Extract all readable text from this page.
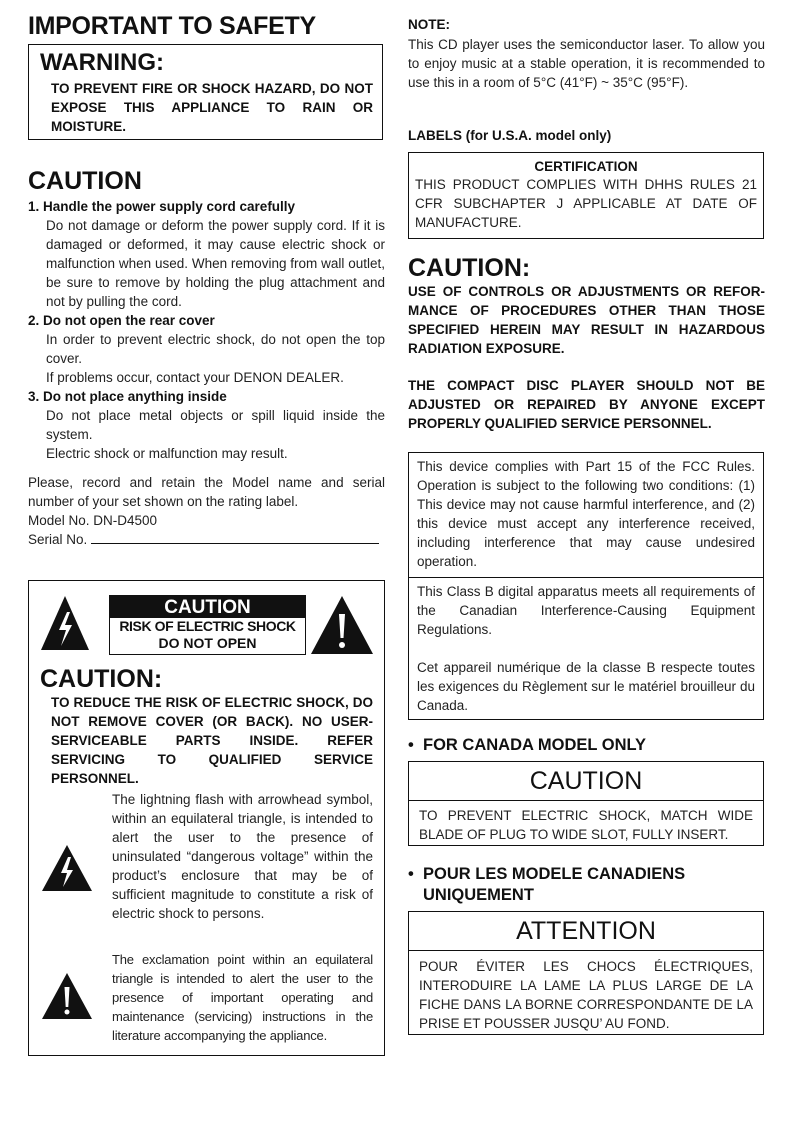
IMPORTANT TO SAFETY
WARNING:
TO PREVENT FIRE OR SHOCK HAZARD, DO NOT EXPOSE THIS APPLIANCE TO RAIN OR MOISTURE.
CAUTION
1. Handle the power supply cord carefully
Do not damage or deform the power supply cord. If it is damaged or deformed, it may cause electric shock or malfunction when used. When removing from wall outlet, be sure to remove by holding the plug attachment and not by pulling the cord.
2. Do not open the rear cover
In order to prevent electric shock, do not open the top cover.
If problems occur, contact your DENON DEALER.
3. Do not place anything inside
Do not place metal objects or spill liquid inside the system.
Electric shock or malfunction may result.

Please, record and retain the Model name and serial number of your set shown on the rating label.

Model No. DN-D4500

Serial No.

CAUTION
RISK OF ELECTRIC SHOCK
DO NOT OPEN
CAUTION:
TO REDUCE THE RISK OF ELECTRIC SHOCK, DO NOT REMOVE COVER (OR BACK). NO USER-SERVICEABLE PARTS INSIDE. REFER SERVICING TO QUALIFIED SERVICE PERSONNEL.
The lightning flash with arrowhead symbol, within an equilateral triangle, is intended to alert the user to the presence of uninsulated “dangerous voltage” within the product’s enclosure that may be of sufficient magnitude to constitute a risk of electric shock to persons.
The exclamation point within an equilateral triangle is intended to alert the user to the presence of important operating and maintenance (servicing) instructions in the literature accompanying the appliance.
NOTE:
This CD player uses the semiconductor laser. To allow you to enjoy music at a stable operation, it is recommended to use this in a room of 5°C (41°F) ~ 35°C (95°F).
LABELS (for U.S.A. model only)
CERTIFICATION
THIS PRODUCT COMPLIES WITH DHHS RULES 21 CFR SUBCHAPTER J APPLICABLE AT DATE OF MANUFACTURE.
CAUTION:
USE OF CONTROLS OR ADJUSTMENTS OR REFOR-MANCE OF PROCEDURES OTHER THAN THOSE SPECIFIED HEREIN MAY RESULT IN HAZARDOUS RADIATION EXPOSURE.
THE COMPACT DISC PLAYER SHOULD NOT BE ADJUSTED OR REPAIRED BY ANYONE EXCEPT PROPERLY QUALIFIED SERVICE PERSONNEL.
This device complies with Part 15 of the FCC Rules. Operation is subject to the following two conditions: (1) This device may not cause harmful interference, and (2) this device must accept any interference received, including interference that may cause undesired operation.
This Class B digital apparatus meets all requirements of the Canadian Interference-Causing Equipment Regulations.
Cet appareil numérique de la classe B respecte toutes les exigences du Règlement sur le matériel brouilleur du Canada.
• FOR CANADA MODEL ONLY
CAUTION
TO PREVENT ELECTRIC SHOCK, MATCH WIDE BLADE OF PLUG TO WIDE SLOT, FULLY INSERT.
• POUR LES MODELE CANADIENS
UNIQUEMENT
ATTENTION
POUR ÉVITER LES CHOCS ÉLECTRIQUES, INTERODUIRE LA LAME LA PLUS LARGE DE LA FICHE DANS LA BORNE CORRESPONDANTE DE LA PRISE ET POUSSER JUSQU’ AU FOND.
